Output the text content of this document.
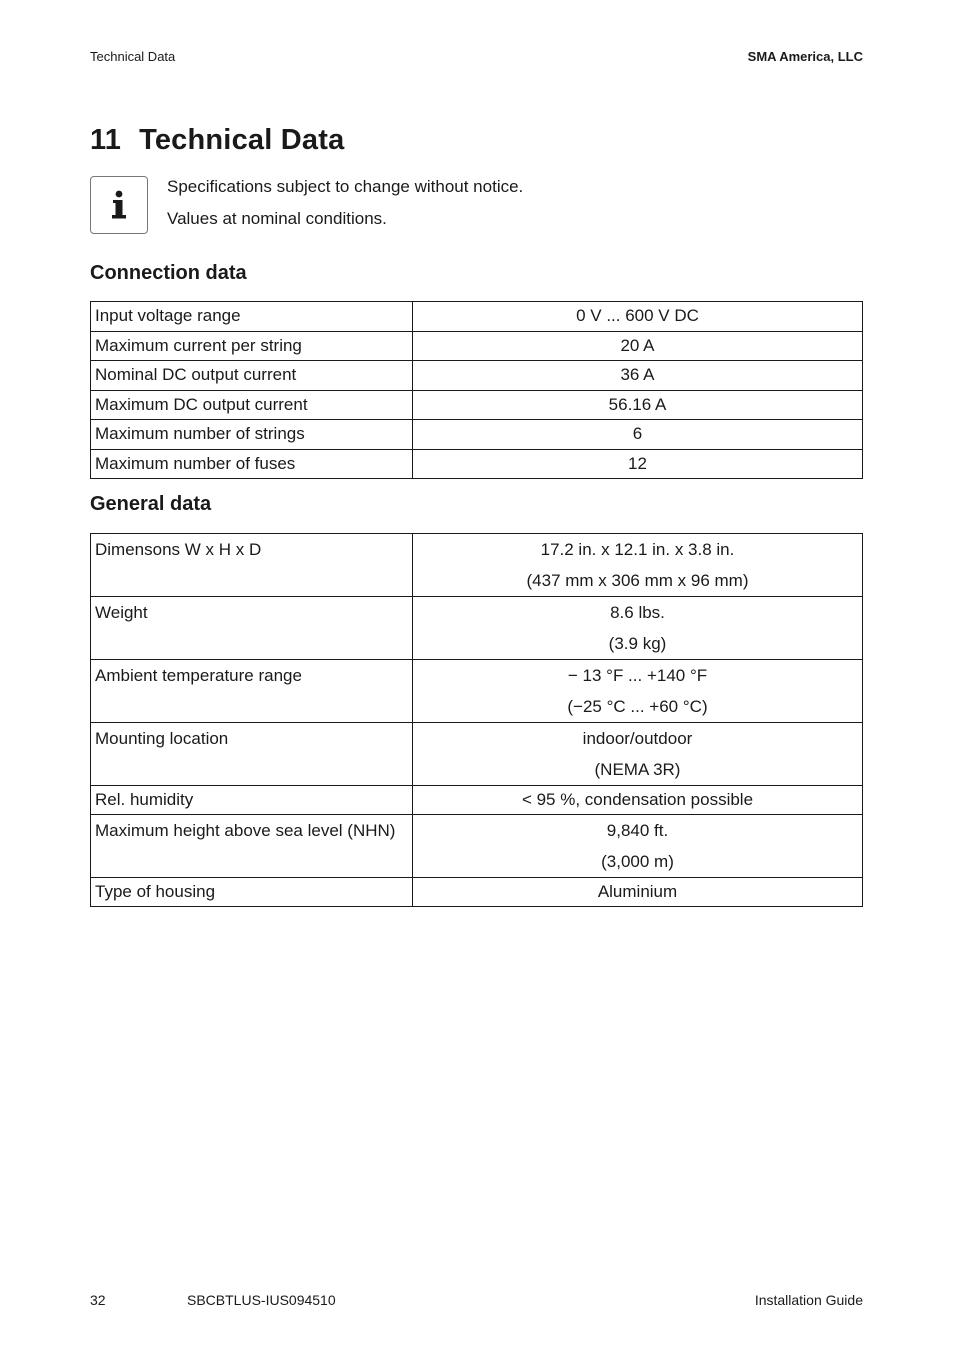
Technical Data	SMA America, LLC
11 Technical Data
Specifications subject to change without notice.
Values at nominal conditions.
Connection data
Input voltage range	0 V ... 600 V DC
Maximum current per string	20 A
Nominal DC output current	36 A
Maximum DC output current	56.16 A
Maximum number of strings	6
Maximum number of fuses	12
General data
Dimensons W x H x D	17.2 in. x 12.1 in. x 3.8 in.
(437 mm x 306 mm x 96 mm)

Weight	8.6 lbs.
(3.9 kg)

Ambient temperature range	− 13 °F ... +140 °F
(−25 °C ... +60 °C)

Mounting location	indoor/outdoor
(NEMA 3R)

Rel. humidity	< 95 %, condensation possible

Maximum height above sea level (NHN)	9,840 ft.
(3,000 m)

Type of housing	Aluminium
32	SBCBTLUS-IUS094510	Installation Guide
